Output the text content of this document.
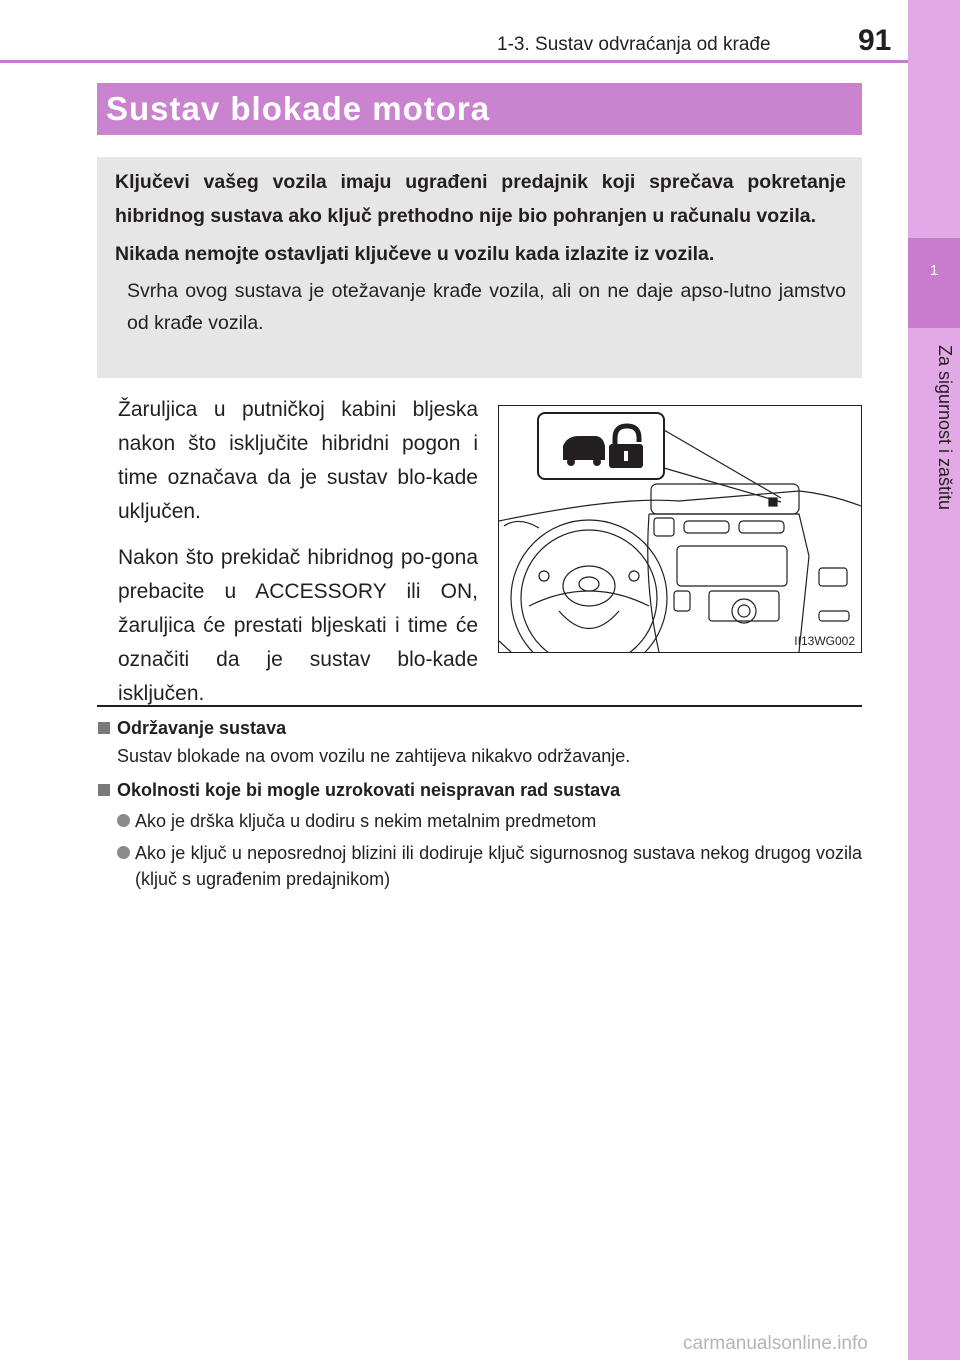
1
Za sigurnost i zaštitu
1-3. Sustav odvraćanja od krađe	91
Sustav blokade motora

Ključevi vašeg vozila imaju ugrađeni predajnik koji sprečava pokretanje hibridnog sustava ako ključ prethodno nije bio pohranjen u računalu vozila.

Nikada nemojte ostavljati ključeve u vozilu kada izlazite iz vozila.

Svrha ovog sustava je otežavanje krađe vozila, ali on ne daje apso-lutno jamstvo od krađe vozila.

Žaruljica u putničkoj kabini bljeska nakon što isključite hibridni pogon i time označava da je sustav blo-kade uključen.

Nakon što prekidač hibridnog po-gona prebacite u ACCESSORY ili ON, žaruljica će prestati bljeskati i time će označiti da je sustav blo-kade isključen.

II13WG002

Održavanje sustava

Sustav blokade na ovom vozilu ne zahtijeva nikakvo održavanje.

Okolnosti koje bi mogle uzrokovati neispravan rad sustava

Ako je drška ključa u dodiru s nekim metalnim predmetom
Ako je ključ u neposrednoj blizini ili dodiruje ključ sigurnosnog sustava nekog drugog vozila (ključ s ugrađenim predajnikom)
carmanualsonline.info
